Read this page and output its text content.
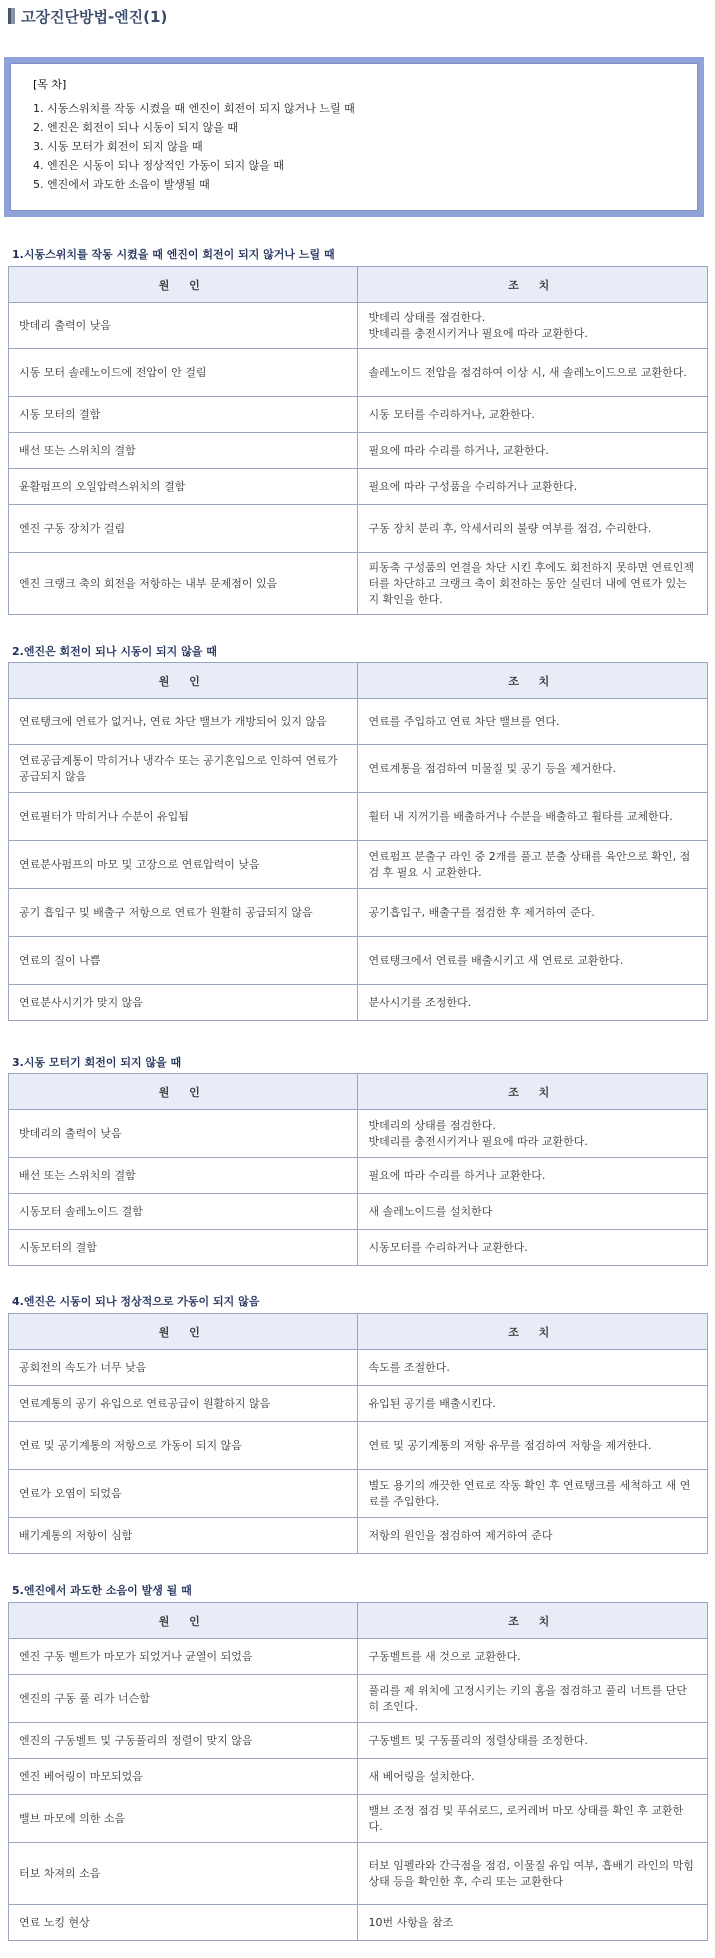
고장진단방법-엔진(1)
[목 차]
1. 시동스위치를 작동 시켰을 때 엔진이 회전이 되지 않거나 느릴 때
2. 엔진은 회전이 되나 시동이 되지 않을 때
3. 시동 모터가 회전이 되지 않을 때
4. 엔진은 시동이 되나 정상적인 가동이 되지 않을 때
5. 엔진에서 과도한 소음이 발생될 때
1.시동스위치를 작동 시켰을 때 엔진이 회전이 되지 않거나 느릴 때
원 인	조 치
밧데리 출력이 낮음	밧데리 상태를 점검한다.
밧데리를 충전시키거나 필요에 따라 교환한다.
시동 모터 솔레노이드에 전압이 안 걸림	솔레노이드 전압을 점검하여 이상 시, 새 솔레노이드으로 교환한다.
시동 모터의 결함	시동 모터를 수리하거나, 교환한다.
배선 또는 스위치의 결함	필요에 따라 수리를 하거나, 교환한다.
윤활펌프의 오일압력스위치의 결함	필요에 따라 구성품을 수리하거나 교환한다.
엔진 구동 장치가 걸림	구동 장치 분리 후, 악세서리의 불량 여부를 점검, 수리한다.
엔진 크랭크 축의 회전을 저항하는 내부 문제점이 있음	피동축 구성품의 연결을 차단 시킨 후에도 회전하지 못하면 연료인젝터를 차단하고 크랭크 축이 회전하는 동안 실린더 내에 연료가 있는지 확인을 한다.
2.엔진은 회전이 되나 시동이 되지 않을 때
원 인	조 치
연료탱크에 연료가 없거나, 연료 차단 밸브가 개방되어 있지 않음	연료를 주입하고 연료 차단 밸브를 연다.
연료공급계통이 막히거나 냉각수 또는 공기혼입으로 인하여 연료가 공급되지 않음	연료계통을 점검하여 미물질 및 공기 등을 제거한다.
연료필터가 막히거나 수분이 유입됨	휠터 내 지꺼기를 배출하거나 수분을 배출하고 휠타를 교체한다.
연료분사펌프의 마모 및 고장으로 연료압력이 낮음	연료펌프 분출구 라인 중 2개를 풀고 분출 상태를 육안으로 확인, 점검 후 필요 시 교환한다.
공기 흡입구 및 배출구 저항으로 연료가 원활히 공급되지 않음	공기흡입구, 배출구를 점검한 후 제거하여 준다.
연료의 질이 나쁨	연료탱크에서 연료를 배출시키고 새 연료로 교환한다.
연료분사시기가 맞지 않음	분사시기를 조정한다.
3.시동 모터기 회전이 되지 않을 때
원 인	조 치
밧데리의 출력이 낮음	밧데리의 상태를 점검한다.
밧데리를 충전시키거나 필요에 따라 교환한다.
배선 또는 스위치의 결함	필요에 따라 수리를 하거나 교환한다.
시동모터 솔레노이드 결함	새 솔레노이드를 설치한다
시동모터의 결함	시동모터를 수리하거나 교환한다.
4.엔진은 시동이 되나 정상적으로 가동이 되지 않음
원 인	조 치
공회전의 속도가 너무 낮음	속도를 조절한다.
연료계통의 공기 유입으로 연료공급이 원활하지 않음	유입된 공기를 배출시킨다.
연료 및 공기계통의 저항으로 가동이 되지 않음	연료 및 공기계통의 저항 유무를 점검하여 저항을 제거한다.
연료가 오염이 되었음	별도 용기의 깨끗한 연료로 작동 확인 후 연료탱크를 세척하고 새 연료를 주입한다.
배기계통의 저항이 심함	저항의 원인을 점검하여 제거하여 준다
5.엔진에서 과도한 소음이 발생 될 때
원 인	조 치
엔진 구동 벨트가 마모가 되었거나 균열이 되었음	구동벨트를 새 것으로 교환한다.
엔진의 구동 풀 리가 너슨함	풀리를 제 위치에 고정시키는 키의 홈을 점검하고 풀리 너트를 단단히 조인다.
엔진의 구동벨트 및 구동풀리의 정렬이 맞지 않음	구동벨트 및 구동풀리의 정렬상태를 조정한다.
엔진 베어링이 마모되었음	새 베어링을 설치한다.
밸브 마모에 의한 소음	밸브 조정 점검 및 푸쉬로드, 로커레버 마모 상태를 확인 후 교환한다.
터보 차져의 소음	터보 임펠라와 간극점을 점검, 이물질 유입 여부, 흡배기 라인의 막힘 상태 등을 확인한 후, 수리 또는 교환한다
연료 노킹 현상	10번 사항을 참조
